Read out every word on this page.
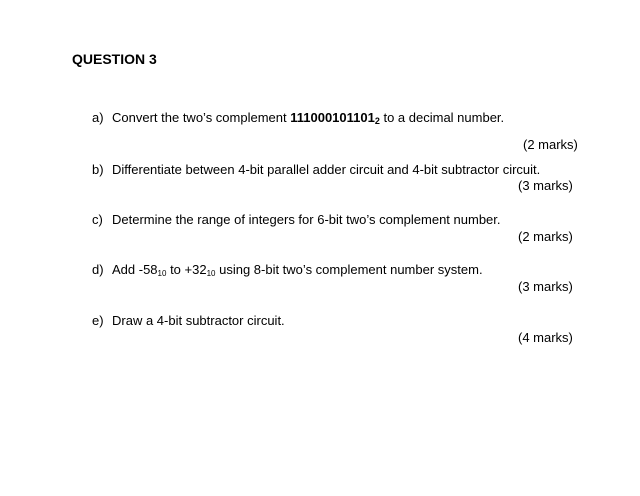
QUESTION 3
a) Convert the two’s complement $111000101101_2$ to a decimal number.
(2 marks)
b) Differentiate between 4-bit parallel adder circuit and 4-bit subtractor circuit.
(3 marks)
c) Determine the range of integers for 6-bit two’s complement number.
(2 marks)
d) Add $-58_{10}$ to $+32_{10}$ using 8-bit two’s complement number system.
(3 marks)
e) Draw a 4-bit subtractor circuit.
(4 marks)
